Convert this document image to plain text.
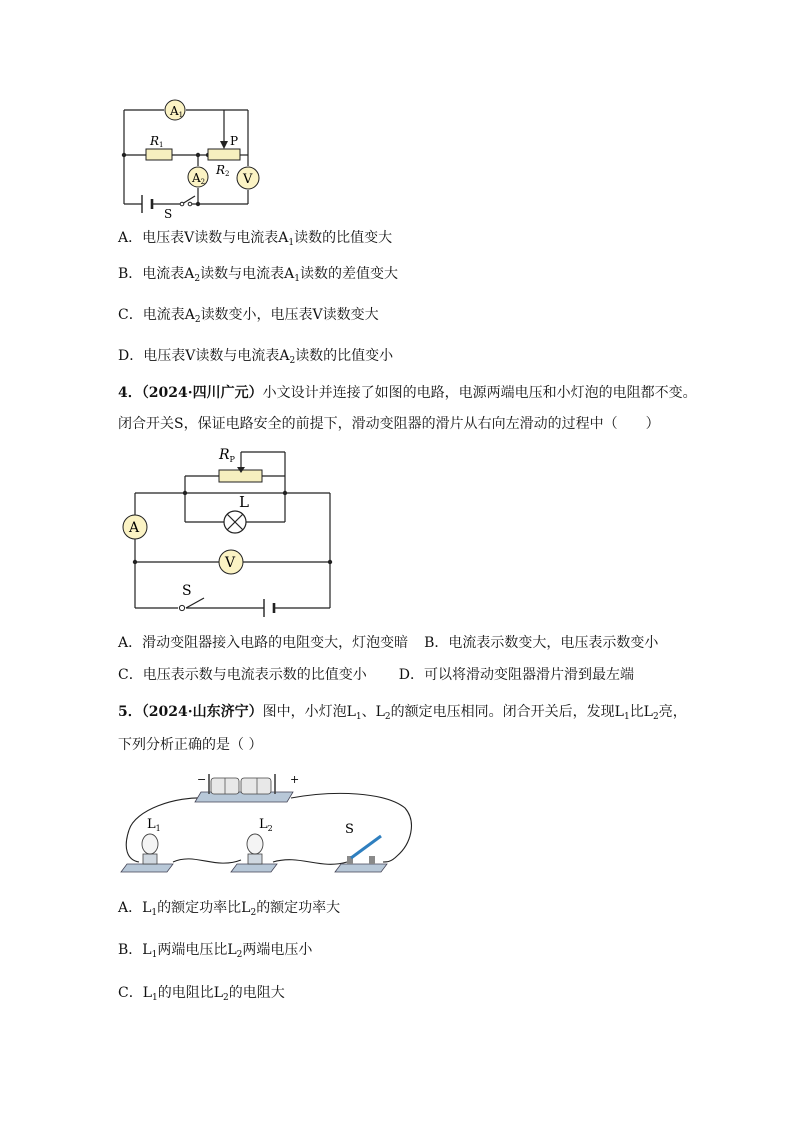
A1
A2	V
R1
R2
P
S
A．电压表V读数与电流表$A_1$读数的比值变大
B．电流表$A_2$读数与电流表$A_1$读数的差值变大
C．电流表$A_2$读数变小，电压表V读数变大
D．电压表V读数与电流表$A_2$读数的比值变小
4．（2024·四川广元）小文设计并连接了如图的电路，电源两端电压和小灯泡的电阻都不变。
闭合开关S，保证电路安全的前提下，滑动变阻器的滑片从右向左滑动的过程中（　　）
$R_P$
L
A
V
S
A．滑动变阻器接入电路的电阻变大，灯泡变暗 B．电流表示数变大，电压表示数变小
C．电压表示数与电流表示数的比值变小 D．可以将滑动变阻器滑片滑到最左端
5．（2024·山东济宁）图中，小灯泡$L_1$、$L_2$的额定电压相同。闭合开关后，发现$L_1$比$L_2$亮，
下列分析正确的是（ ）
−	+
$L_1$	$L_2$	S
A．$L_1$的额定功率比$L_2$的额定功率大
B．$L_1$两端电压比$L_2$两端电压小
C．$L_1$的电阻比$L_2$的电阻大
